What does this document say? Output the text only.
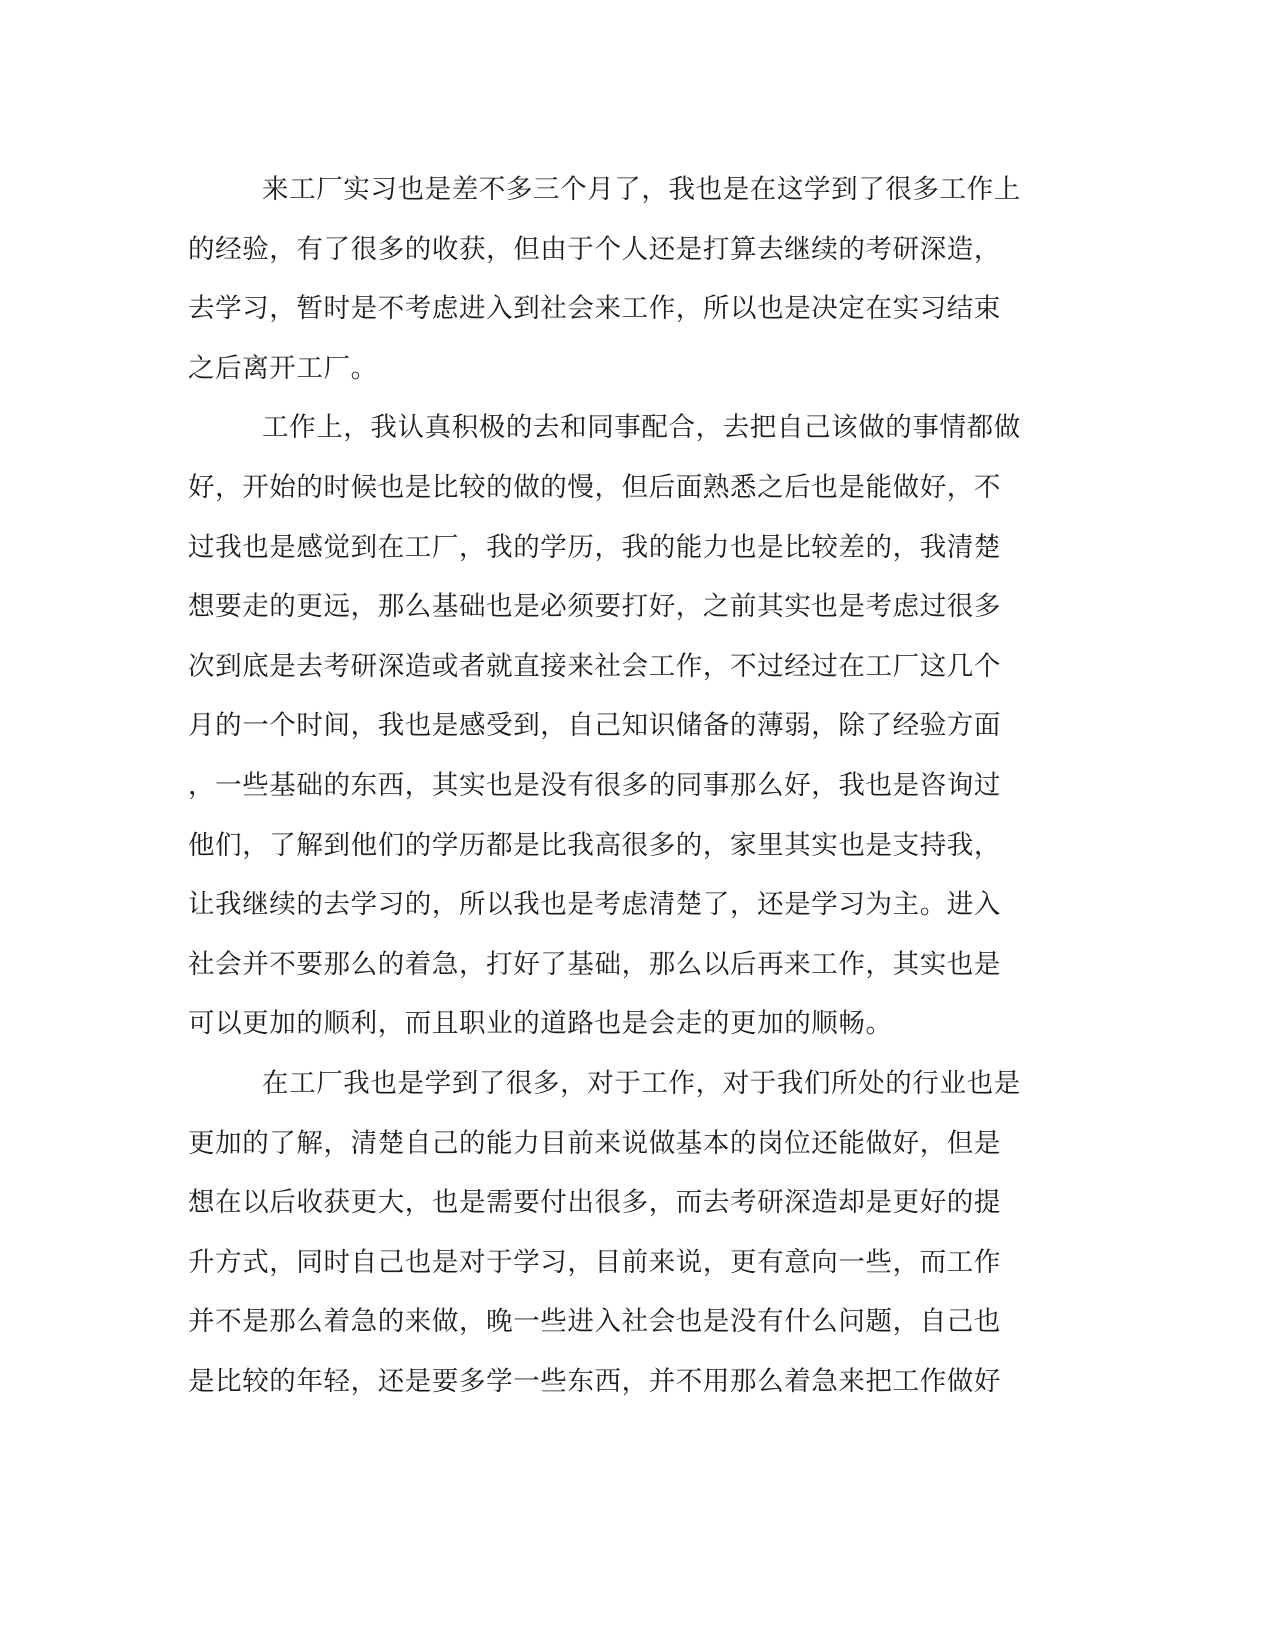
来工厂实习也是差不多三个月了，我也是在这学到了很多工作上
的经验，有了很多的收获，但由于个人还是打算去继续的考研深造，
去学习，暂时是不考虑进入到社会来工作，所以也是决定在实习结束
之后离开工厂。
工作上，我认真积极的去和同事配合，去把自己该做的事情都做
好，开始的时候也是比较的做的慢，但后面熟悉之后也是能做好，不
过我也是感觉到在工厂，我的学历，我的能力也是比较差的，我清楚
想要走的更远，那么基础也是必须要打好，之前其实也是考虑过很多
次到底是去考研深造或者就直接来社会工作，不过经过在工厂这几个
月的一个时间，我也是感受到，自己知识储备的薄弱，除了经验方面
，一些基础的东西，其实也是没有很多的同事那么好，我也是咨询过
他们，了解到他们的学历都是比我高很多的，家里其实也是支持我，
让我继续的去学习的，所以我也是考虑清楚了，还是学习为主。进入
社会并不要那么的着急，打好了基础，那么以后再来工作，其实也是
可以更加的顺利，而且职业的道路也是会走的更加的顺畅。
在工厂我也是学到了很多，对于工作，对于我们所处的行业也是
更加的了解，清楚自己的能力目前来说做基本的岗位还能做好，但是
想在以后收获更大，也是需要付出很多，而去考研深造却是更好的提
升方式，同时自己也是对于学习，目前来说，更有意向一些，而工作
并不是那么着急的来做，晚一些进入社会也是没有什么问题，自己也
是比较的年轻，还是要多学一些东西，并不用那么着急来把工作做好
